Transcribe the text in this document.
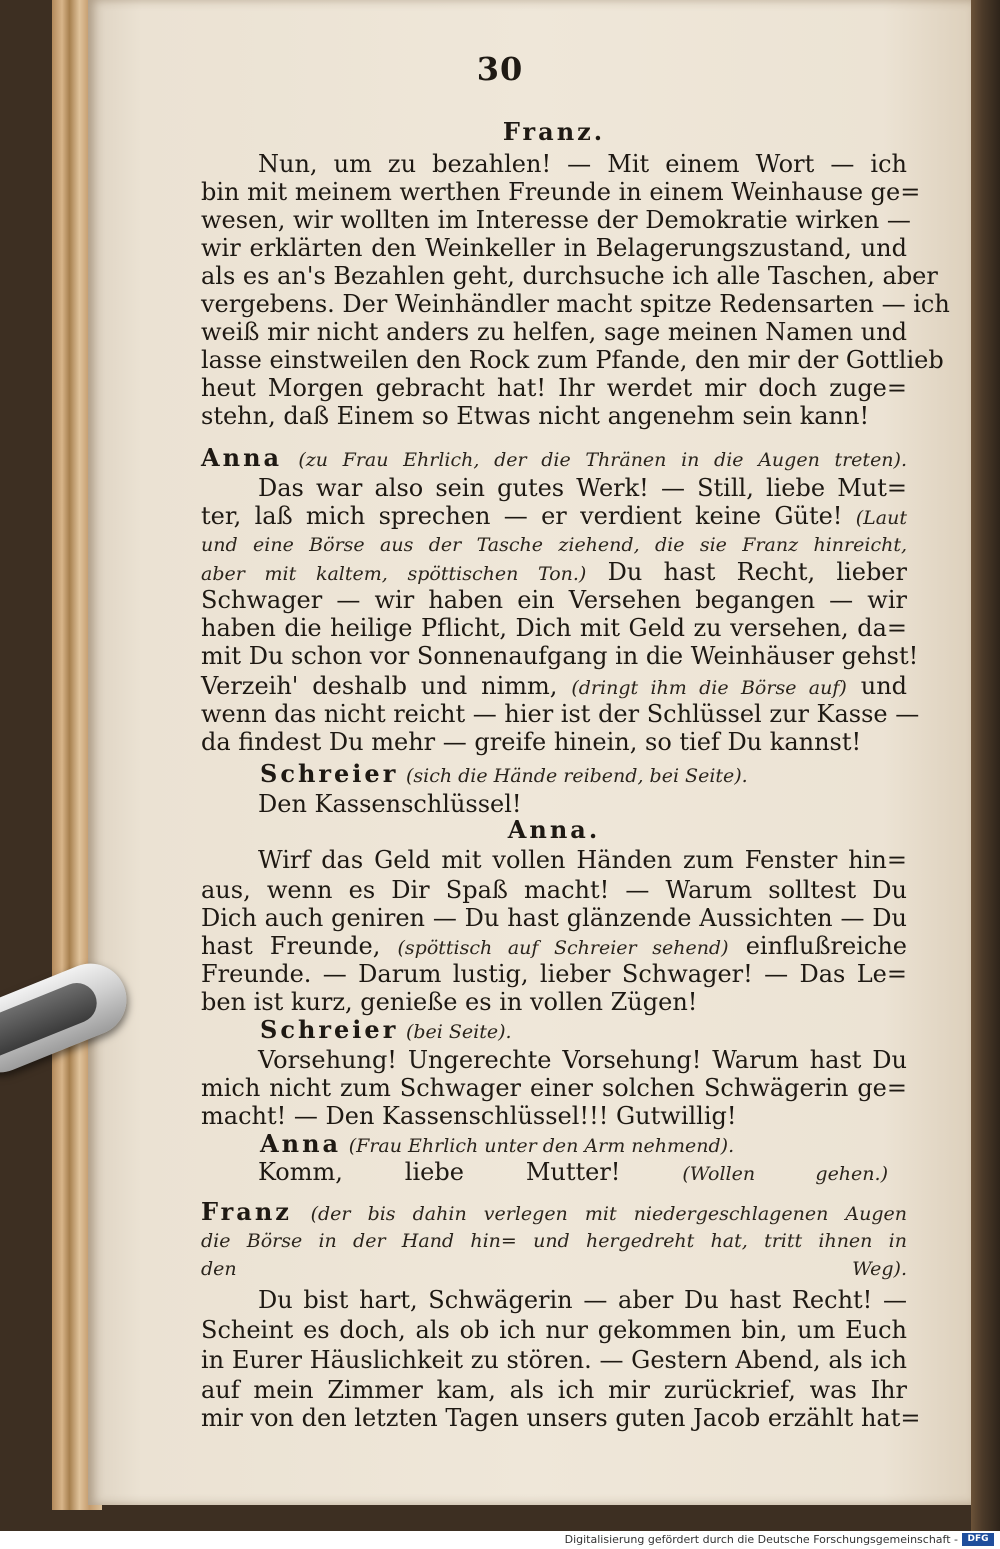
30
Franz.
Nun, um zu bezahlen! — Mit einem Wort — ich
bin mit meinem werthen Freunde in einem Weinhause ge=
wesen, wir wollten im Interesse der Demokratie wirken —
wir erklärten den Weinkeller in Belagerungszustand, und
als es an's Bezahlen geht, durchsuche ich alle Taschen, aber
vergebens. Der Weinhändler macht spitze Redensarten — ich
weiß mir nicht anders zu helfen, sage meinen Namen und
lasse einstweilen den Rock zum Pfande, den mir der Gottlieb
heut Morgen gebracht hat! Ihr werdet mir doch zuge=
stehn, daß Einem so Etwas nicht angenehm sein kann!
Anna (zu Frau Ehrlich, der die Thränen in die Augen treten).
Das war also sein gutes Werk! — Still, liebe Mut=
ter, laß mich sprechen — er verdient keine Güte! (Laut
und eine Börse aus der Tasche ziehend, die sie Franz hinreicht,
aber mit kaltem, spöttischen Ton.) Du hast Recht, lieber
Schwager — wir haben ein Versehen begangen — wir
haben die heilige Pflicht, Dich mit Geld zu versehen, da=
mit Du schon vor Sonnenaufgang in die Weinhäuser gehst!
Verzeih' deshalb und nimm, (dringt ihm die Börse auf) und
wenn das nicht reicht — hier ist der Schlüssel zur Kasse —
da findest Du mehr — greife hinein, so tief Du kannst!
Schreier (sich die Hände reibend, bei Seite).
Den Kassenschlüssel!
Anna.
Wirf das Geld mit vollen Händen zum Fenster hin=
aus, wenn es Dir Spaß macht! — Warum solltest Du
Dich auch geniren — Du hast glänzende Aussichten — Du
hast Freunde, (spöttisch auf Schreier sehend) einflußreiche
Freunde. — Darum lustig, lieber Schwager! — Das Le=
ben ist kurz, genieße es in vollen Zügen!
Schreier (bei Seite).
Vorsehung! Ungerechte Vorsehung! Warum hast Du
mich nicht zum Schwager einer solchen Schwägerin ge=
macht! — Den Kassenschlüssel!!! Gutwillig!
Anna (Frau Ehrlich unter den Arm nehmend).
Komm, liebe Mutter!	(Wollen gehen.)
Franz (der bis dahin verlegen mit niedergeschlagenen Augen
die Börse in der Hand hin= und hergedreht hat, tritt ihnen in
den Weg).
Du bist hart, Schwägerin — aber Du hast Recht! —
Scheint es doch, als ob ich nur gekommen bin, um Euch
in Eurer Häuslichkeit zu stören. — Gestern Abend, als ich
auf mein Zimmer kam, als ich mir zurückrief, was Ihr
mir von den letzten Tagen unsers guten Jacob erzählt hat=
Digitalisierung gefördert durch die Deutsche Forschungsgemeinschaft -	DFG
